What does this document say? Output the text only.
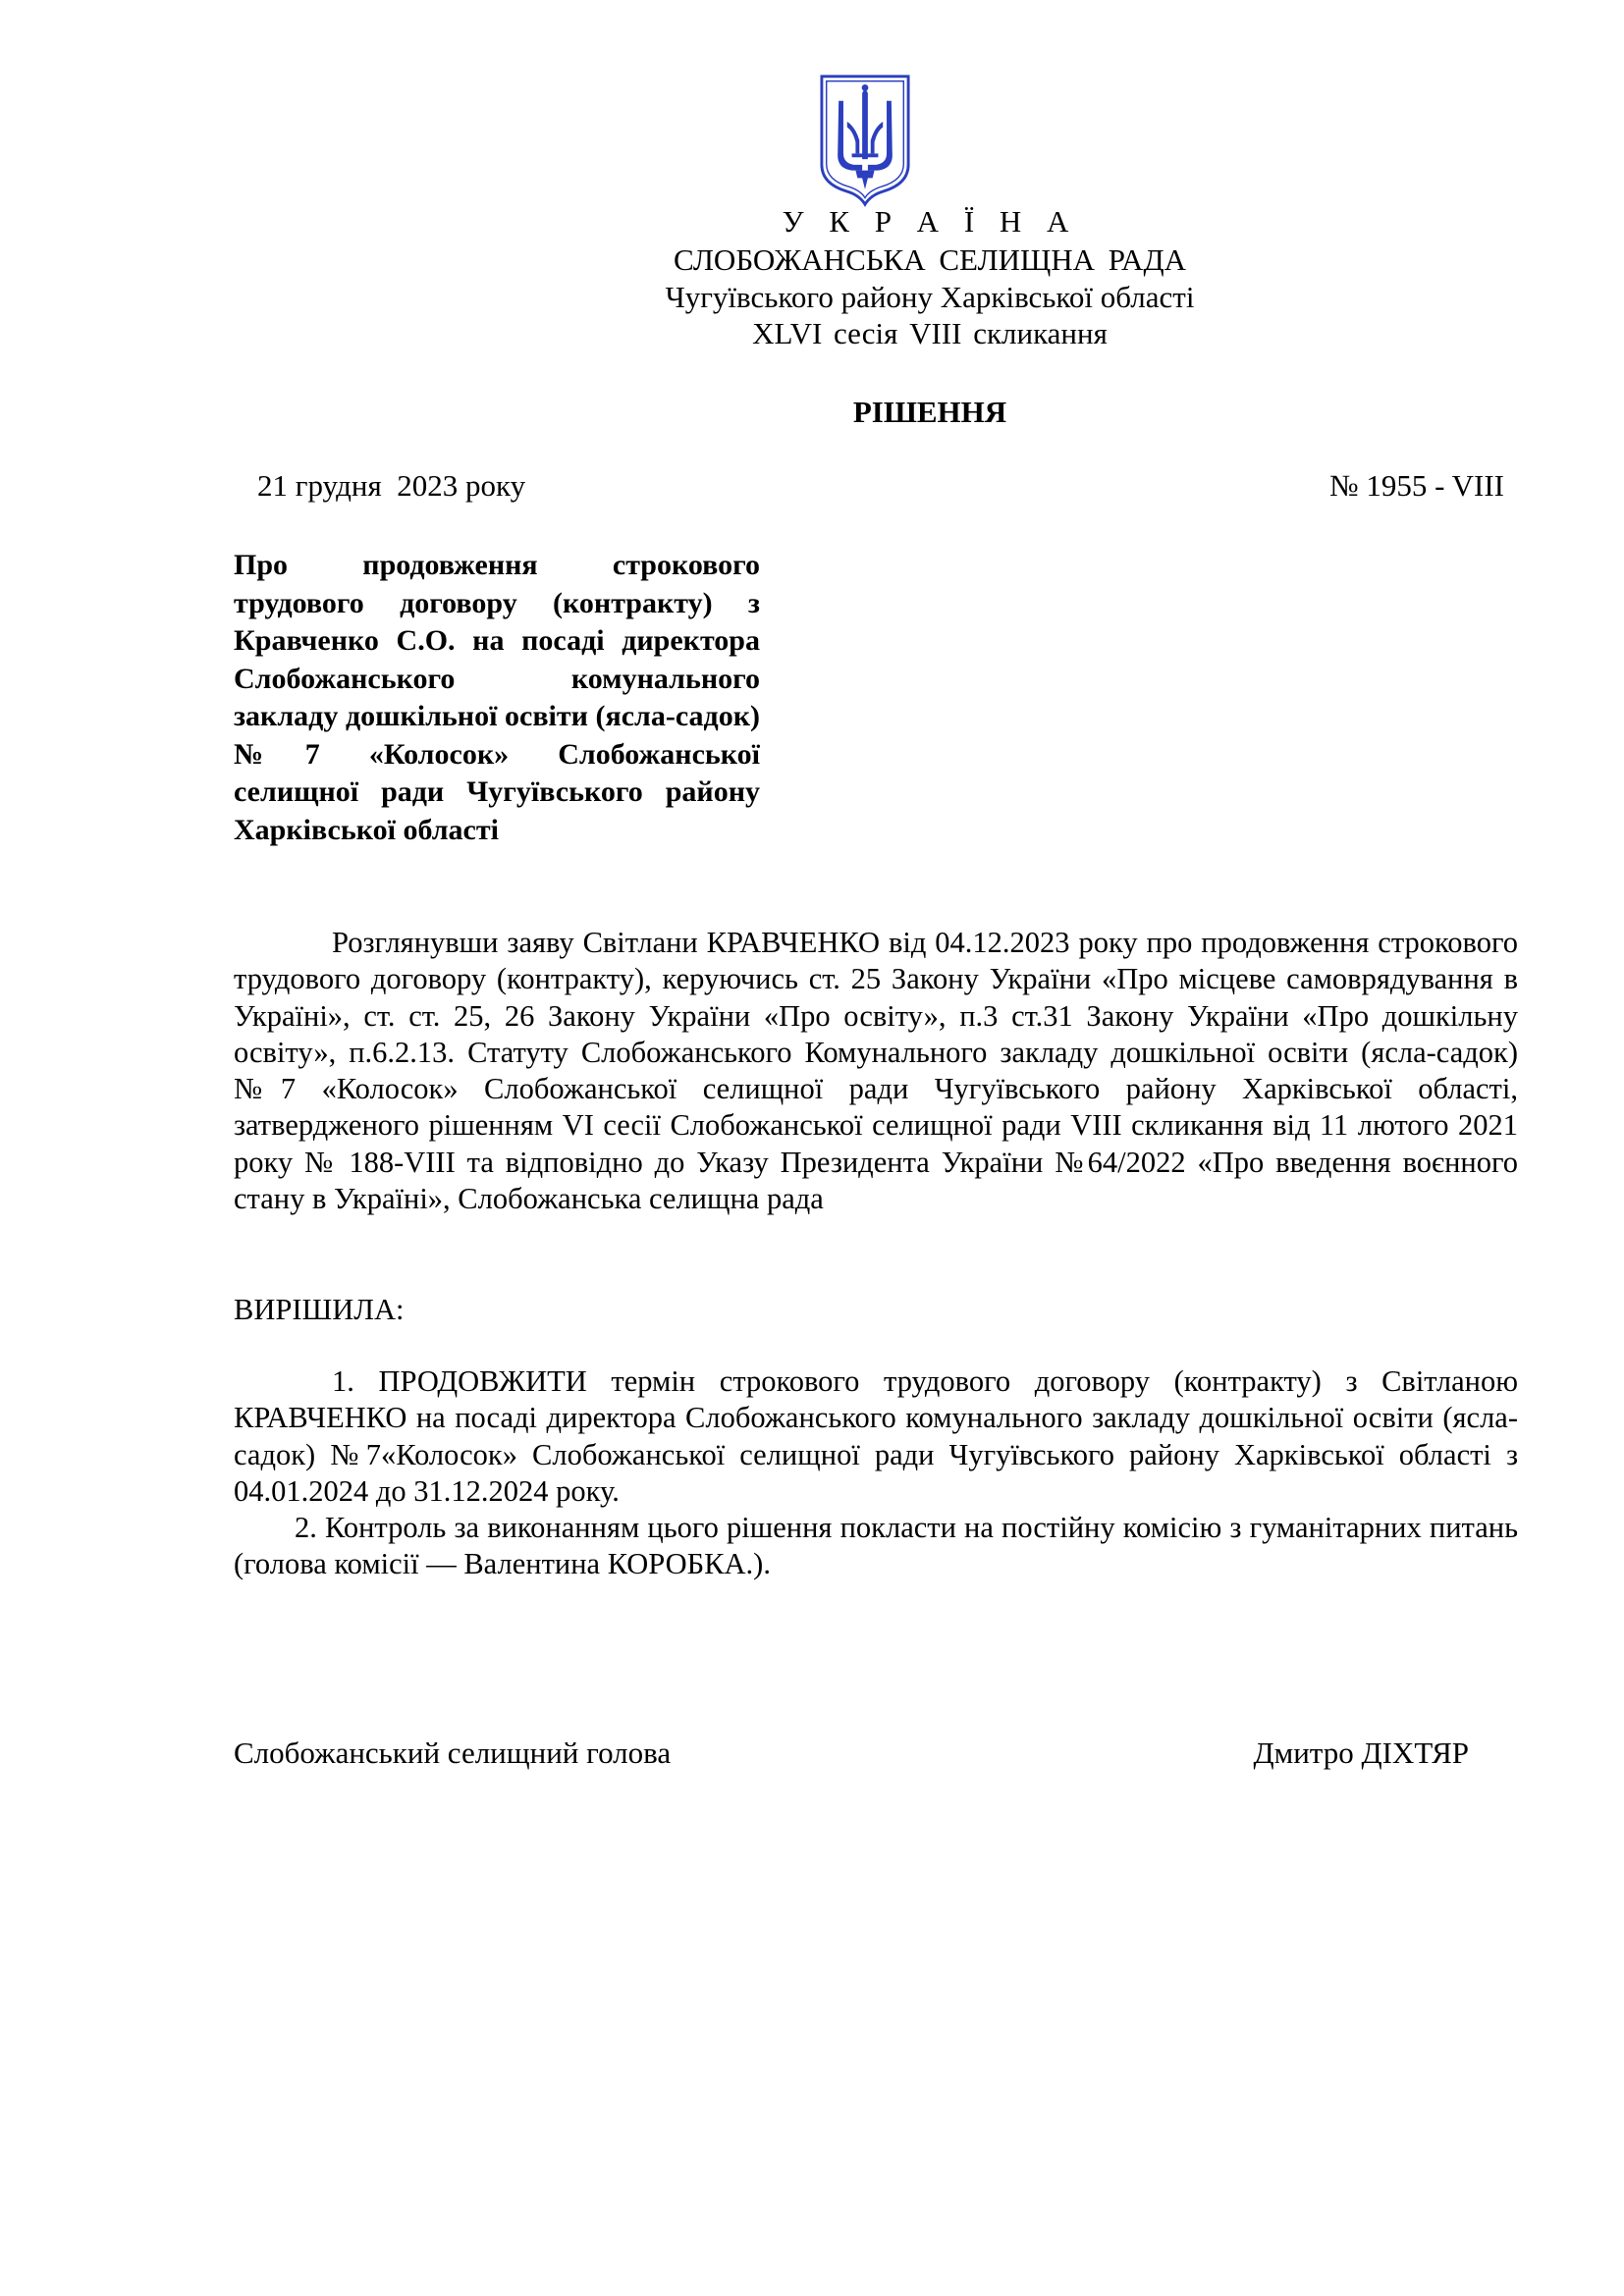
У К Р А Ї Н А
СЛОБОЖАНСЬКА СЕЛИЩНА РАДА
Чугуївського району Харківської області
XLVI сесія VIII скликання
РІШЕННЯ
21 грудня  2023 року	№ 1955 - VIII
Про продовження строкового трудового договору (контракту) з Кравченко С.О. на посаді директора Слобожанського комунального закладу дошкільної освіти (ясла-садок) №7 «Колосок» Слобожанської селищної ради Чугуївського району Харківської області
Розглянувши заяву Світлани КРАВЧЕНКО від 04.12.2023 року про продовження строкового трудового договору (контракту), керуючись ст. 25 Закону України «Про місцеве самоврядування в Україні», ст. ст. 25, 26 Закону України «Про освіту», п.3 ст.31 Закону України «Про дошкільну освіту», п.6.2.13. Статуту Слобожанського Комунального закладу дошкільної освіти (ясла-садок) №7 «Колосок» Слобожанської селищної ради Чугуївського району Харківської області, затвердженого рішенням VI сесії Слобожанської селищної ради VIII скликання від 11 лютого 2021 року № 188-VIII та відповідно до Указу Президента України №64/2022 «Про введення воєнного стану в Україні», Слобожанська селищна рада
ВИРІШИЛА:
1. ПРОДОВЖИТИ термін строкового трудового договору (контракту) з Світланою КРАВЧЕНКО на посаді директора Слобожанського комунального закладу дошкільної освіти (ясла-садок) №7«Колосок» Слобожанської селищної ради Чугуївського району Харківської області з 04.01.2024 до 31.12.2024 року.
2. Контроль за виконанням цього рішення покласти на постійну комісію з гуманітарних питань (голова комісії — Валентина КОРОБКА.).
Слобожанський селищний голова	Дмитро ДІХТЯР
